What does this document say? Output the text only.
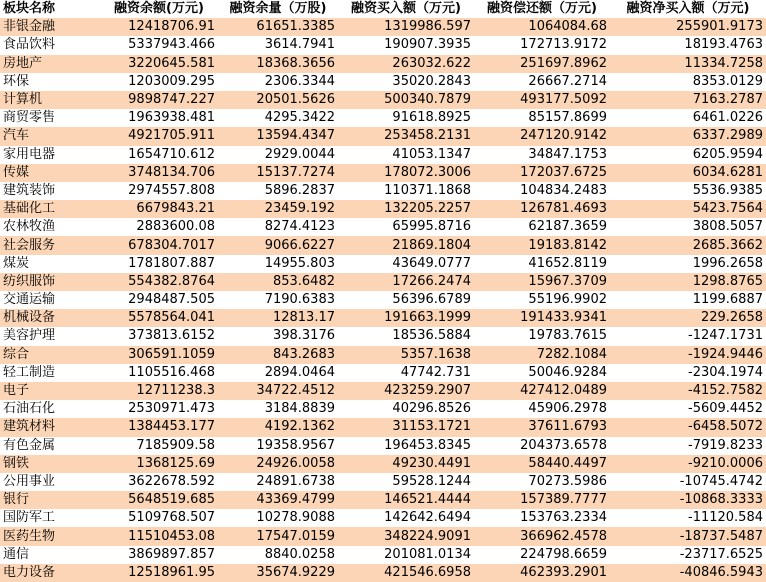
板块名称	融资余额(万元)	融资余量（万股)	融资买入额（万元)	融资偿还额（万元)	融资净买入额（万元)
非银金融	12418706.91	61651.3385	1319986.597	1064084.68	255901.9173
食品饮料	5337943.466	3614.7941	190907.3935	172713.9172	18193.4763
房地产	3220645.581	18368.3656	263032.622	251697.8962	11334.7258
环保	1203009.295	2306.3344	35020.2843	26667.2714	8353.0129
计算机	9898747.227	20501.5626	500340.7879	493177.5092	7163.2787
商贸零售	1963938.481	4295.3422	91618.8925	85157.8699	6461.0226
汽车	4921705.911	13594.4347	253458.2131	247120.9142	6337.2989
家用电器	1654710.612	2929.0044	41053.1347	34847.1753	6205.9594
传媒	3748134.706	15137.7274	178072.3006	172037.6725	6034.6281
建筑装饰	2974557.808	5896.2837	110371.1868	104834.2483	5536.9385
基础化工	6679843.21	23459.192	132205.2257	126781.4693	5423.7564
农林牧渔	2883600.08	8274.4123	65995.8716	62187.3659	3808.5057
社会服务	678304.7017	9066.6227	21869.1804	19183.8142	2685.3662
煤炭	1781807.887	14955.803	43649.0777	41652.8119	1996.2658
纺织服饰	554382.8764	853.6482	17266.2474	15967.3709	1298.8765
交通运输	2948487.505	7190.6383	56396.6789	55196.9902	1199.6887
机械设备	5578564.041	12813.17	191663.1999	191433.9341	229.2658
美容护理	373813.6152	398.3176	18536.5884	19783.7615	-1247.1731
综合	306591.1059	843.2683	5357.1638	7282.1084	-1924.9446
轻工制造	1105516.468	2894.0464	47742.731	50046.9284	-2304.1974
电子	12711238.3	34722.4512	423259.2907	427412.0489	-4152.7582
石油石化	2530971.473	3184.8839	40296.8526	45906.2978	-5609.4452
建筑材料	1384453.177	4192.1362	31153.1721	37611.6793	-6458.5072
有色金属	7185909.58	19358.9567	196453.8345	204373.6578	-7919.8233
钢铁	1368125.69	24926.0058	49230.4491	58440.4497	-9210.0006
公用事业	3622678.592	24891.6738	59528.1244	70273.5986	-10745.4742
银行	5648519.685	43369.4799	146521.4444	157389.7777	-10868.3333
国防军工	5109768.507	10278.9088	142642.6494	153763.2334	-11120.584
医药生物	11510453.08	17547.0159	348224.9091	366962.4578	-18737.5487
通信	3869897.857	8840.0258	201081.0134	224798.6659	-23717.6525
电力设备	12518961.95	35674.9229	421546.6958	462393.2901	-40846.5943
